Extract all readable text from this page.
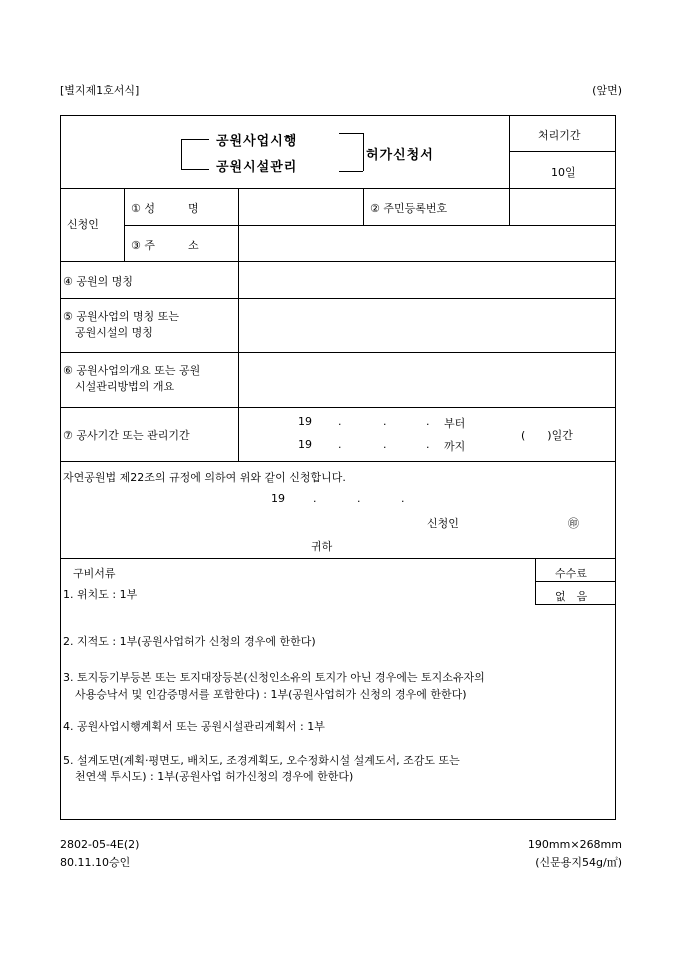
[별지제1호서식]	(앞면)
공원사업시행
공원시설관리
허가신청서
처리기간
10일
신청인
① 성　　　명	② 주민등록번호
③ 주　　　소
④ 공원의 명칭
⑤ 공원사업의 명칭 또는
공원시설의 명칭
⑥ 공원사업의개요 또는 공원
시설관리방법의 개요
⑦ 공사기간 또는 관리기간
19 .	.	. 부터
19 .	.	. 까지
(　　)일간
자연공원법 제22조의 규정에 의하여 위와 같이 신청합니다.
19	.	.	.
신청인	㊞
귀하
구비서류	수수료
없　음
1. 위치도 : 1부
2. 지적도 : 1부(공원사업허가 신청의 경우에 한한다)
3. 토지등기부등본 또는 토지대장등본(신청인소유의 토지가 아닌 경우에는 토지소유자의
사용승낙서 및 인감증명서를 포함한다) : 1부(공원사업허가 신청의 경우에 한한다)
4. 공원사업시행계획서 또는 공원시설관리계획서 : 1부
5. 설계도면(계획·평면도, 배치도, 조경계획도, 오수정화시설 설계도서, 조감도 또는
천연색 투시도) : 1부(공원사업 허가신청의 경우에 한한다)
2802-05-4E(2)
80.11.10승인
190mm×268mm
(신문용지54g/㎡)
